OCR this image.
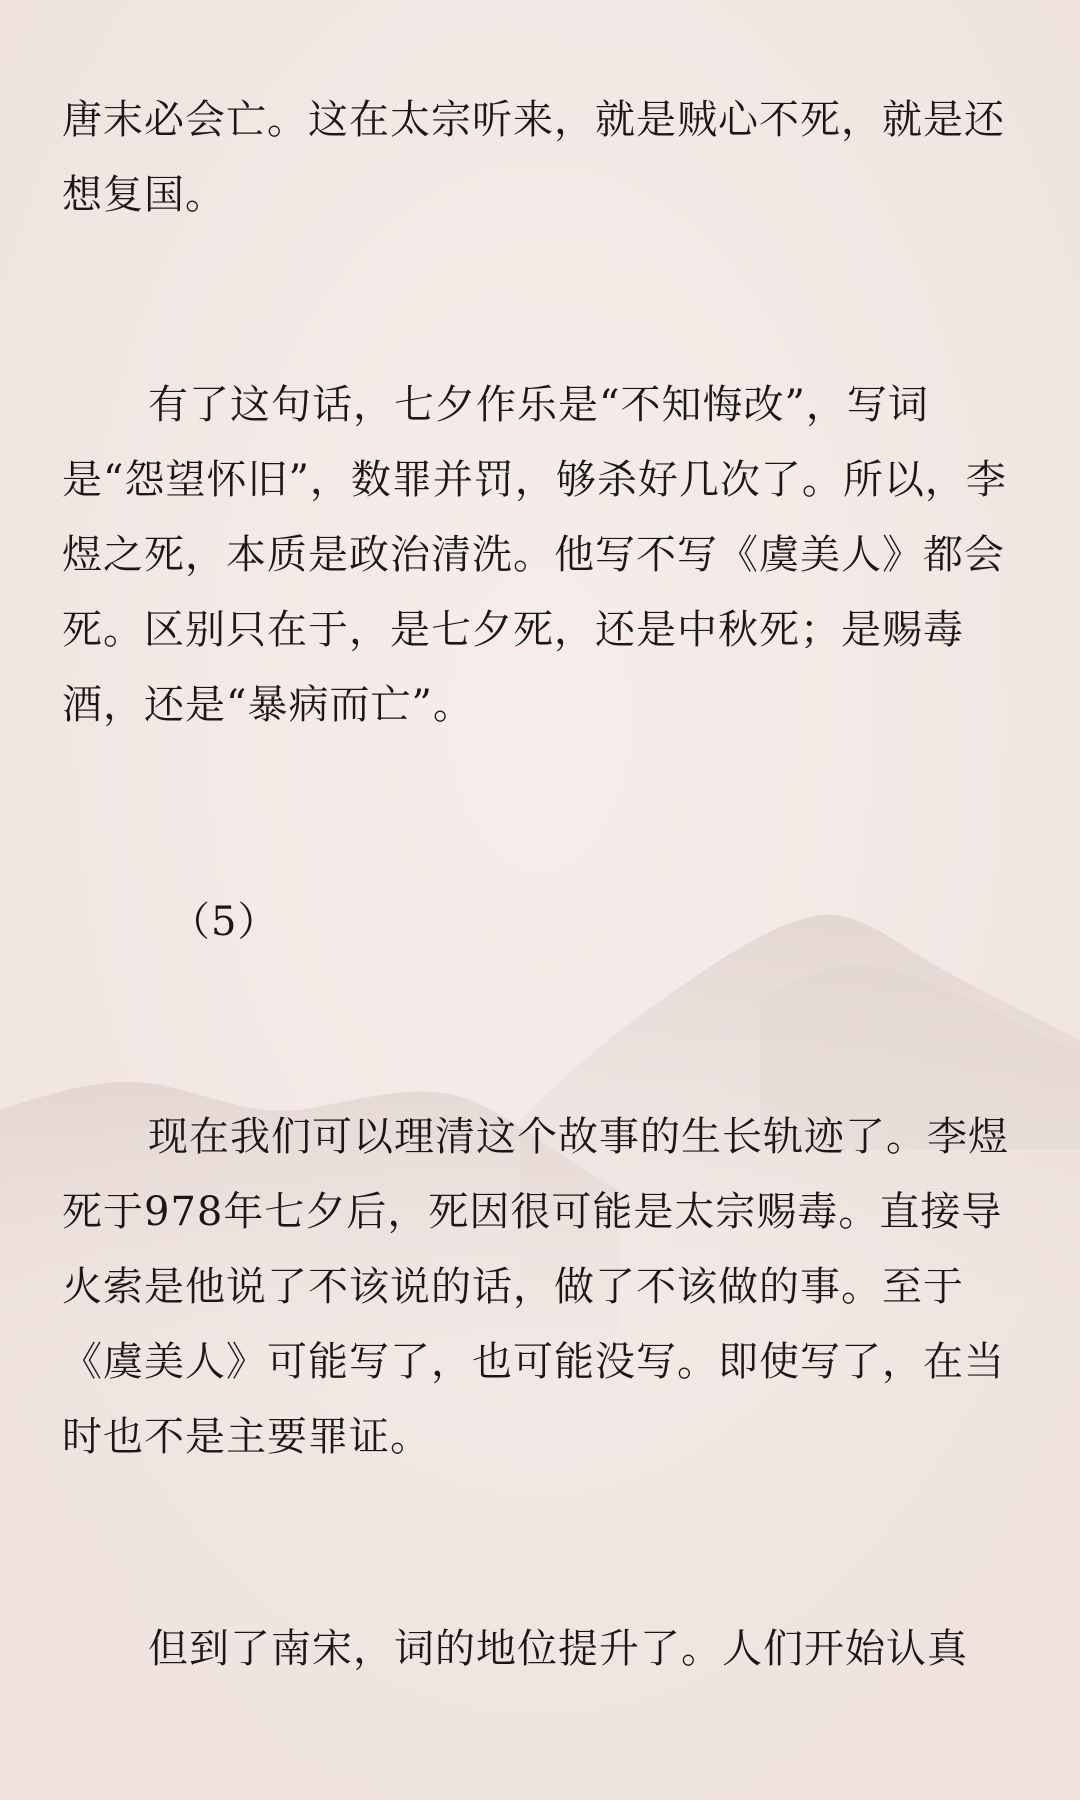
唐末必会亡。这在太宗听来，就是贼心不死，就是还想复国。

有了这句话，七夕作乐是“不知悔改”，写词是“怨望怀旧”，数罪并罚，够杀好几次了。所以，李煜之死，本质是政治清洗。他写不写《虞美人》都会死。区别只在于，是七夕死，还是中秋死；是赐毒酒，还是“暴病而亡”。

（5）

现在我们可以理清这个故事的生长轨迹了。李煜死于978年七夕后，死因很可能是太宗赐毒。直接导火索是他说了不该说的话，做了不该做的事。至于《虞美人》可能写了，也可能没写。即使写了，在当时也不是主要罪证。

但到了南宋，词的地位提升了。人们开始认真
